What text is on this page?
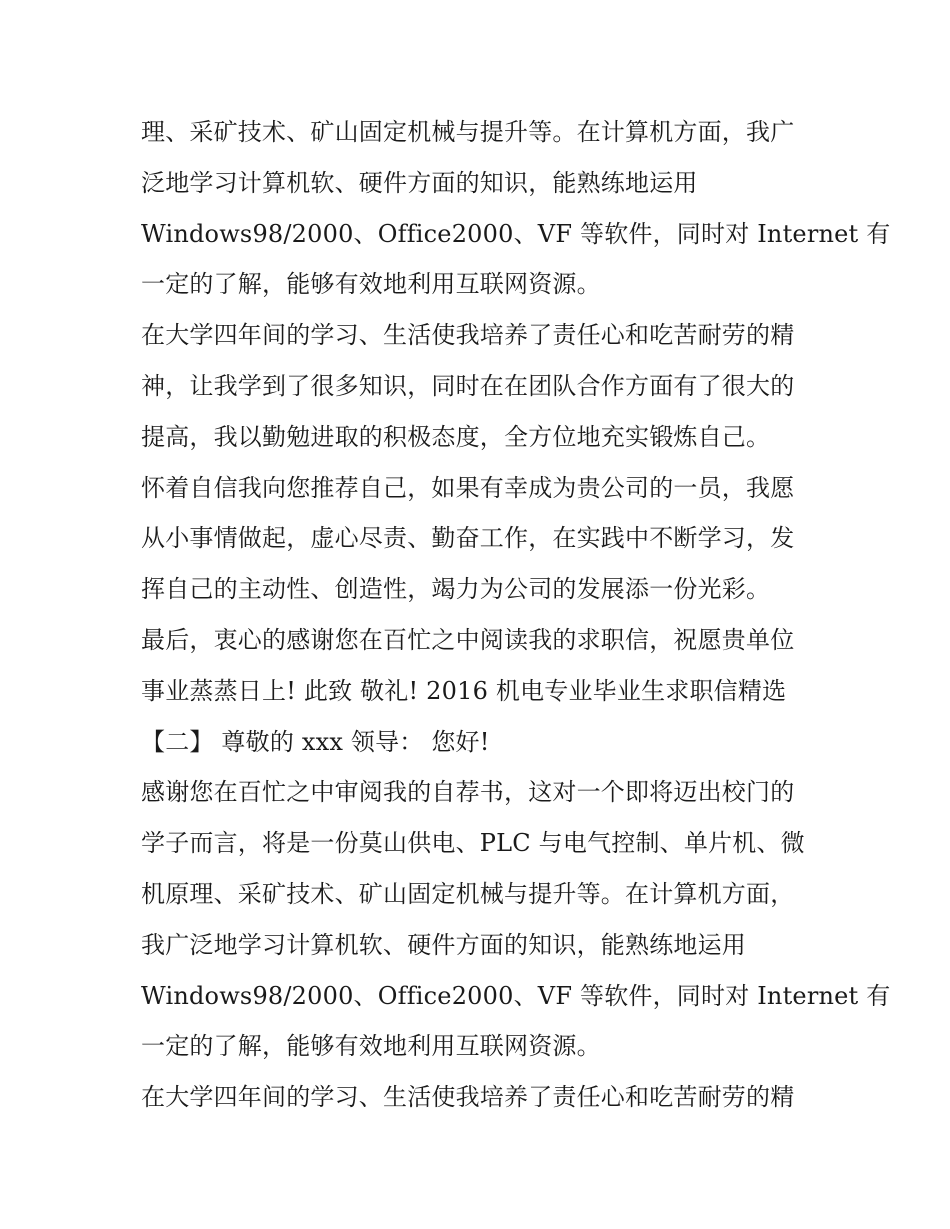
理、采矿技术、矿山固定机械与提升等。在计算机方面，我广
泛地学习计算机软、硬件方面的知识，能熟练地运用
Windows98/2000、Office2000、VF 等软件，同时对 Internet 有
一定的了解，能够有效地利用互联网资源。
在大学四年间的学习、生活使我培养了责任心和吃苦耐劳的精
神，让我学到了很多知识，同时在在团队合作方面有了很大的
提高，我以勤勉进取的积极态度，全方位地充实锻炼自己。
怀着自信我向您推荐自己，如果有幸成为贵公司的一员，我愿
从小事情做起，虚心尽责、勤奋工作，在实践中不断学习，发
挥自己的主动性、创造性，竭力为公司的发展添一份光彩。
最后，衷心的感谢您在百忙之中阅读我的求职信，祝愿贵单位
事业蒸蒸日上! 此致 敬礼! 2016 机电专业毕业生求职信精选
【二】 尊敬的 xxx 领导： 您好!
感谢您在百忙之中审阅我的自荐书，这对一个即将迈出校门的
学子而言，将是一份莫山供电、PLC 与电气控制、单片机、微
机原理、采矿技术、矿山固定机械与提升等。在计算机方面，
我广泛地学习计算机软、硬件方面的知识，能熟练地运用
Windows98/2000、Office2000、VF 等软件，同时对 Internet 有
一定的了解，能够有效地利用互联网资源。
在大学四年间的学习、生活使我培养了责任心和吃苦耐劳的精
